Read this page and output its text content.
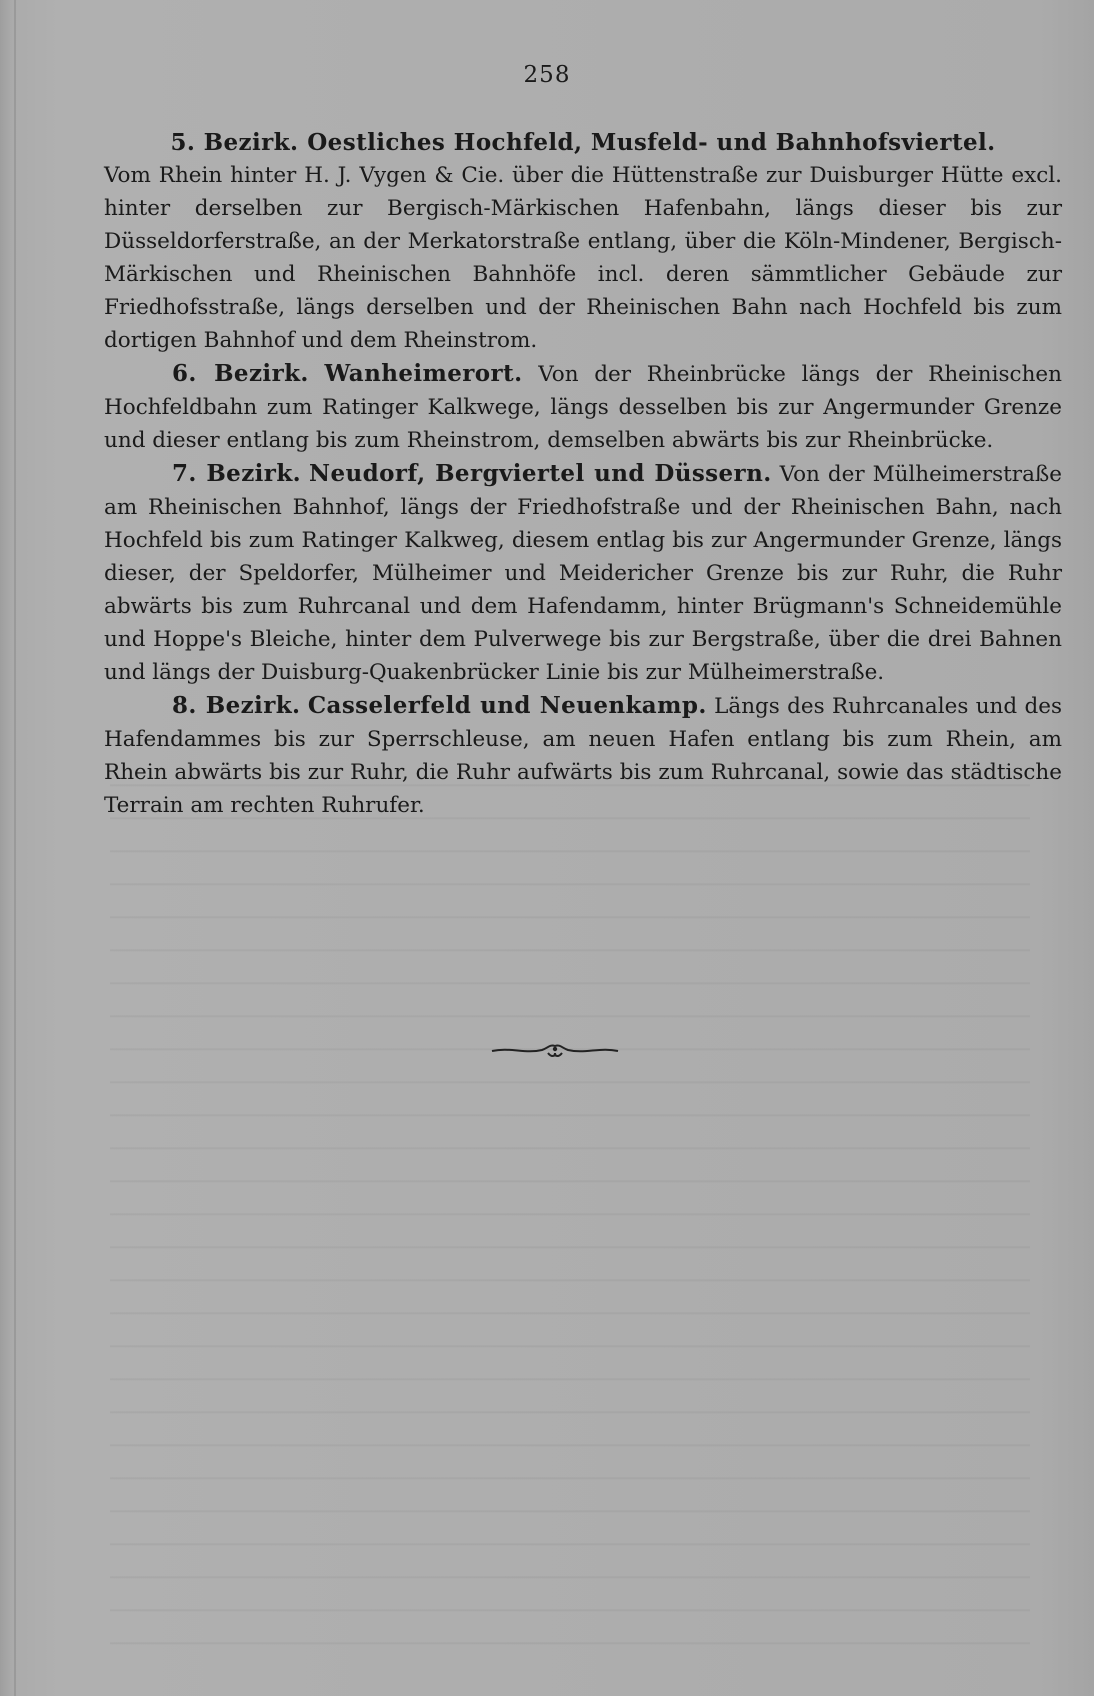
258

5. Bezirk. Oestliches Hochfeld, Musfeld- und Bahnhofsviertel.
Vom Rhein hinter H. J. Vygen & Cie. über die Hüttenstraße zur Duisburger Hütte excl. hinter derselben zur Bergisch-Märkischen Hafenbahn, längs dieser bis zur Düsseldorferstraße, an der Merkatorstraße entlang, über die Köln-Mindener, Bergisch-Märkischen und Rheinischen Bahnhöfe incl. deren sämmtlicher Gebäude zur Friedhofsstraße, längs derselben und der Rheinischen Bahn nach Hochfeld bis zum dortigen Bahnhof und dem Rheinstrom.

6. Bezirk. Wanheimerort. Von der Rheinbrücke längs der Rheinischen Hochfeldbahn zum Ratinger Kalkwege, längs desselben bis zur Angermunder Grenze und dieser entlang bis zum Rheinstrom, demselben abwärts bis zur Rheinbrücke.

7. Bezirk. Neudorf, Bergviertel und Düssern. Von der Mülheimerstraße am Rheinischen Bahnhof, längs der Friedhofstraße und der Rheinischen Bahn, nach Hochfeld bis zum Ratinger Kalkweg, diesem entlag bis zur Angermunder Grenze, längs dieser, der Speldorfer, Mülheimer und Meidericher Grenze bis zur Ruhr, die Ruhr abwärts bis zum Ruhrcanal und dem Hafendamm, hinter Brügmann's Schneidemühle und Hoppe's Bleiche, hinter dem Pulverwege bis zur Bergstraße, über die drei Bahnen und längs der Duisburg-Quakenbrücker Linie bis zur Mülheimerstraße.

8. Bezirk. Casselerfeld und Neuenkamp. Längs des Ruhrcanales und des Hafendammes bis zur Sperrschleuse, am neuen Hafen entlang bis zum Rhein, am Rhein abwärts bis zur Ruhr, die Ruhr aufwärts bis zum Ruhrcanal, sowie das städtische Terrain am rechten Ruhrufer.
